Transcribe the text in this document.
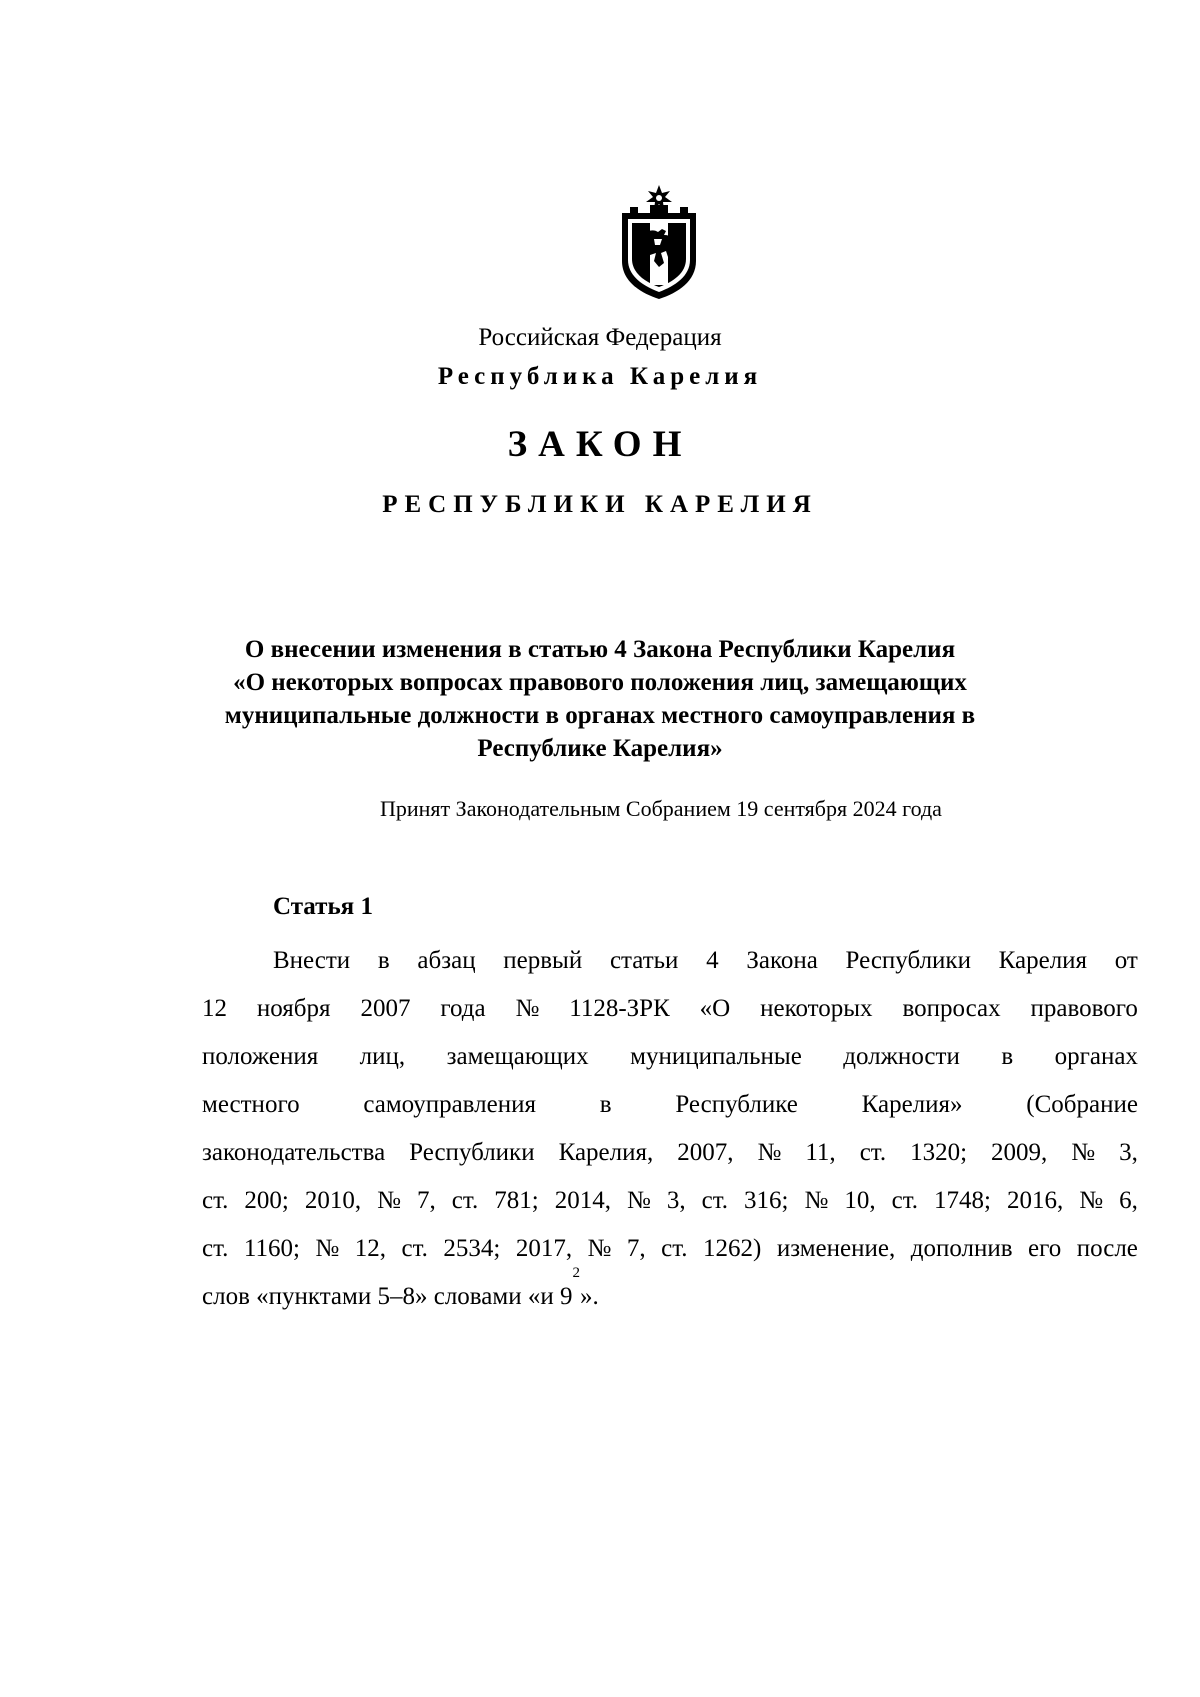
Российская Федерация
Республика Карелия
ЗАКОН
РЕСПУБЛИКИ КАРЕЛИЯ
О внесении изменения в статью 4 Закона Республики Карелия
«О некоторых вопросах правового положения лиц, замещающих
муниципальные должности в органах местного самоуправления в
Республике Карелия»
Принят Законодательным Собранием 19 сентября 2024 года
Статья 1
Внести в абзац первый статьи 4 Закона Республики Карелия от
12 ноября 2007 года № 1128-ЗРК «О некоторых вопросах правового
положения лиц, замещающих муниципальные должности в органах
местного	самоуправления	в	Республике	Карелия»	(Собрание
законодательства Республики Карелия, 2007, № 11, ст. 1320; 2009, № 3,
ст. 200; 2010, № 7, ст. 781; 2014, № 3, ст. 316; № 10, ст. 1748; 2016, № 6,
ст. 1160; № 12, ст. 2534; 2017, № 7, ст. 1262) изменение, дополнив его после
слов «пунктами 5–8» словами «и 9
2
».
